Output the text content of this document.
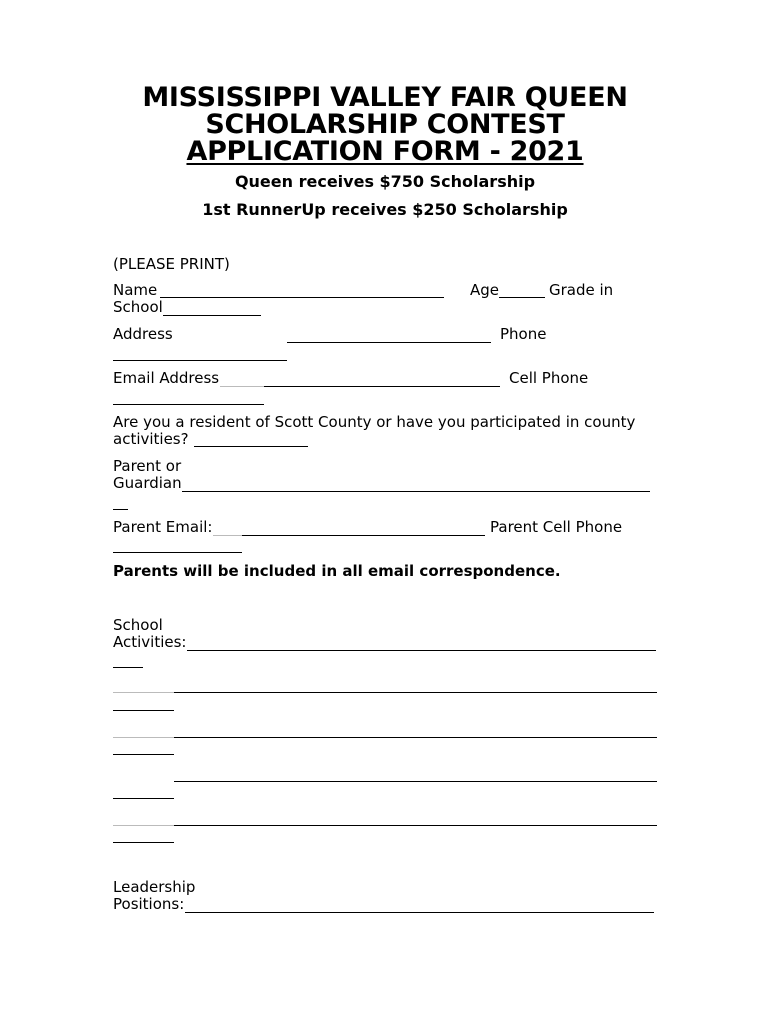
MISSISSIPPI VALLEY FAIR QUEEN
SCHOLARSHIP CONTEST
APPLICATION FORM - 2021
Queen receives $750 Scholarship
1st RunnerUp receives $250 Scholarship
(PLEASE PRINT)
Name	Age	Grade in
School
Address	Phone
Email Address	Cell Phone
Are you a resident of Scott County or have you participated in county
activities?
Parent or
Guardian
Parent Email:	Parent Cell Phone
Parents will be included in all email correspondence.
School
Activities:
Leadership
Positions:
